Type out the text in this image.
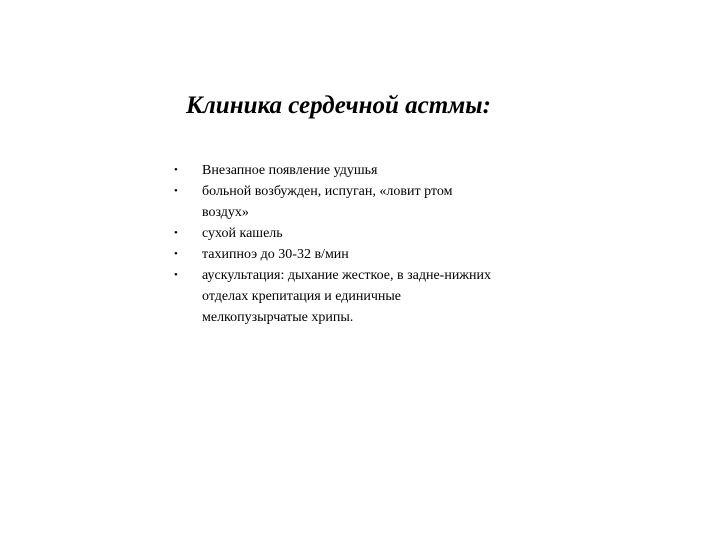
Клиника сердечной астмы:
• Внезапное появление удушья
• больной возбужден, испуган, «ловит ртом воздух»
• сухой кашель
• тахипноэ до 30-32 в/мин
• аускультация: дыхание жесткое, в задне-нижних отделах крепитация и единичные мелкопузырчатые хрипы.
